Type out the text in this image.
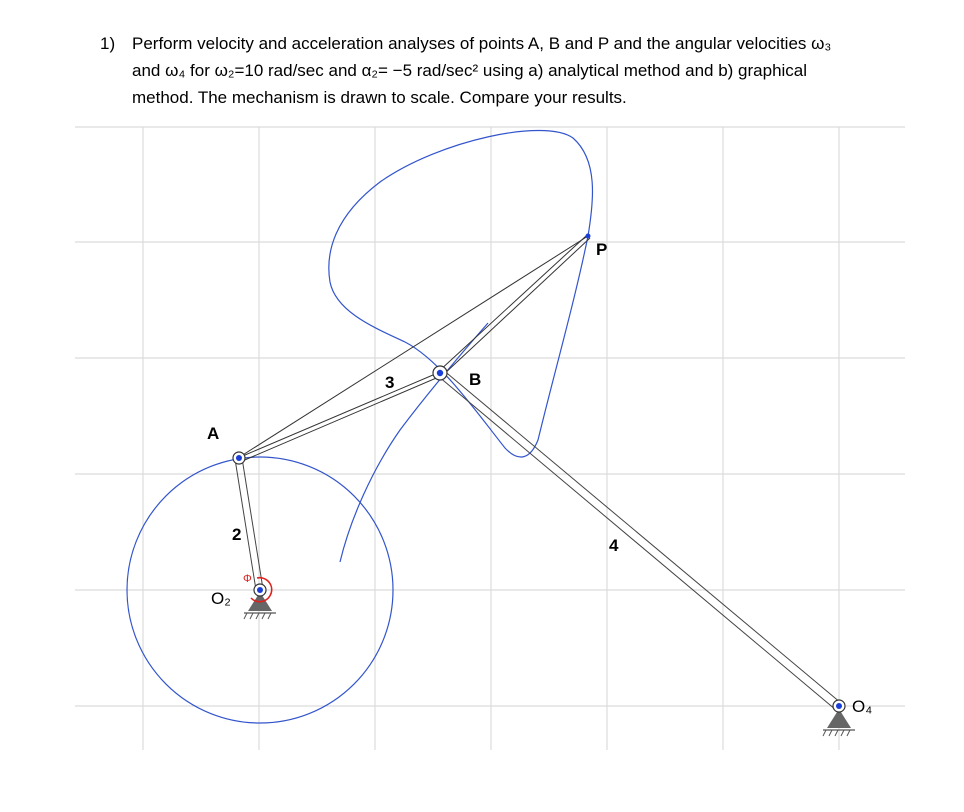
1) Perform velocity and acceleration analyses of points A, B and P and the angular velocities ω₃
and ω₄ for ω₂=10 rad/sec and α₂= −5 rad/sec² using a) analytical method and b) graphical
method. The mechanism is drawn to scale. Compare your results.
Φ
A
B
P
3
2
4
O₂
O₄
